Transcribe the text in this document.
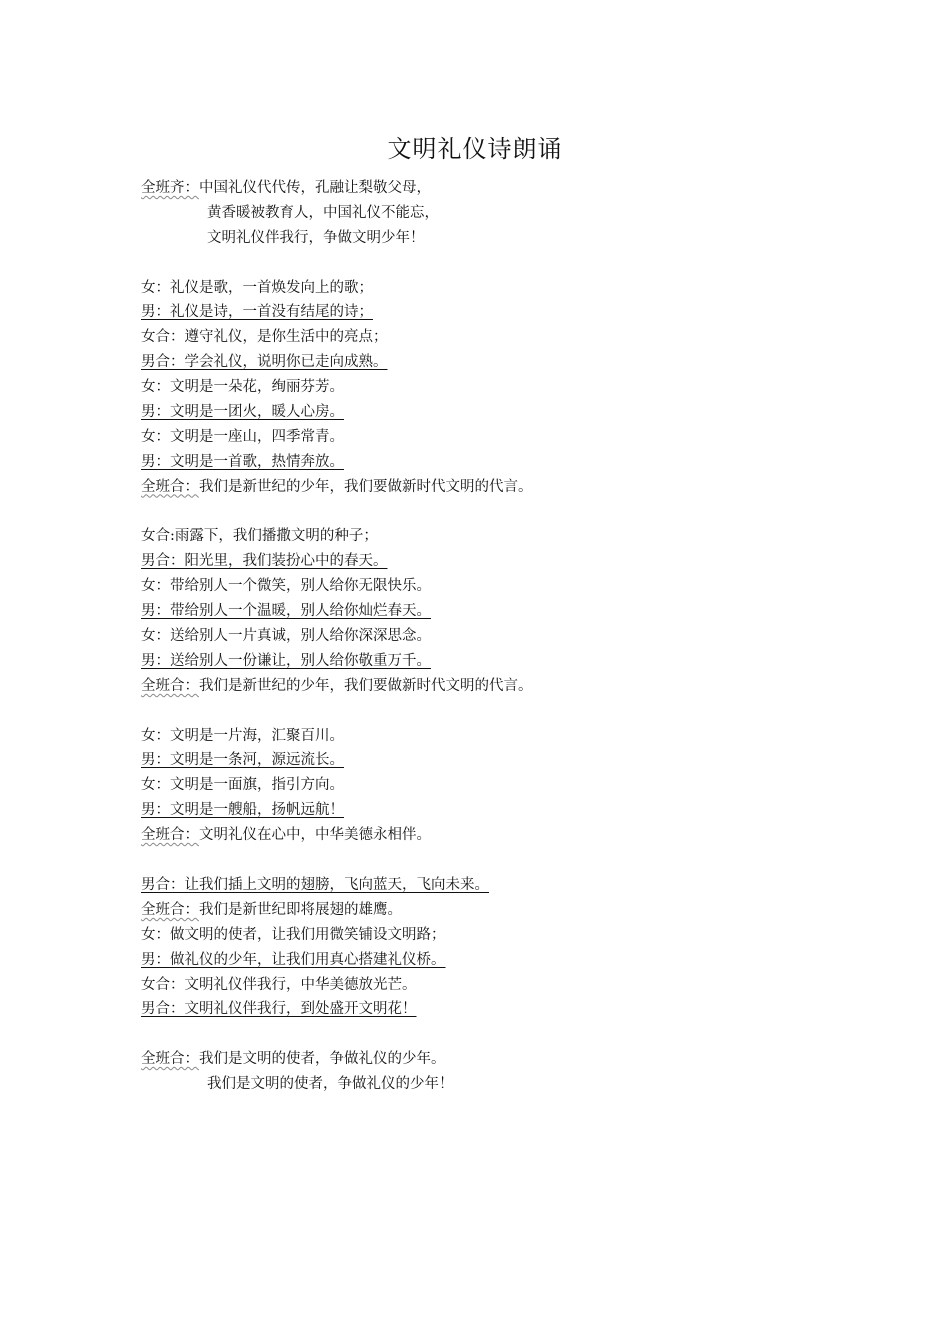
文明礼仪诗朗诵
全班齐：中国礼仪代代传，孔融让梨敬父母，
黄香暖被教育人，中国礼仪不能忘，
文明礼仪伴我行，争做文明少年！
女：礼仪是歌，一首焕发向上的歌；
男：礼仪是诗，一首没有结尾的诗；
女合：遵守礼仪，是你生活中的亮点；
男合：学会礼仪，说明你已走向成熟。
女：文明是一朵花，绚丽芬芳。
男：文明是一团火，暖人心房。
女：文明是一座山，四季常青。
男：文明是一首歌，热情奔放。
全班合：我们是新世纪的少年，我们要做新时代文明的代言。
女合:雨露下，我们播撒文明的种子；
男合：阳光里，我们装扮心中的春天。
女：带给别人一个微笑，别人给你无限快乐。
男：带给别人一个温暖，别人给你灿烂春天。
女：送给别人一片真诚，别人给你深深思念。
男：送给别人一份谦让，别人给你敬重万千。
全班合：我们是新世纪的少年，我们要做新时代文明的代言。
女：文明是一片海，汇聚百川。
男：文明是一条河，源远流长。
女：文明是一面旗，指引方向。
男：文明是一艘船，扬帆远航！
全班合：文明礼仪在心中，中华美德永相伴。
男合：让我们插上文明的翅膀，飞向蓝天，飞向未来。
全班合：我们是新世纪即将展翅的雄鹰。
女：做文明的使者，让我们用微笑铺设文明路；
男：做礼仪的少年，让我们用真心搭建礼仪桥。
女合：文明礼仪伴我行，中华美德放光芒。
男合：文明礼仪伴我行，到处盛开文明花！
全班合：我们是文明的使者，争做礼仪的少年。
我们是文明的使者，争做礼仪的少年！
